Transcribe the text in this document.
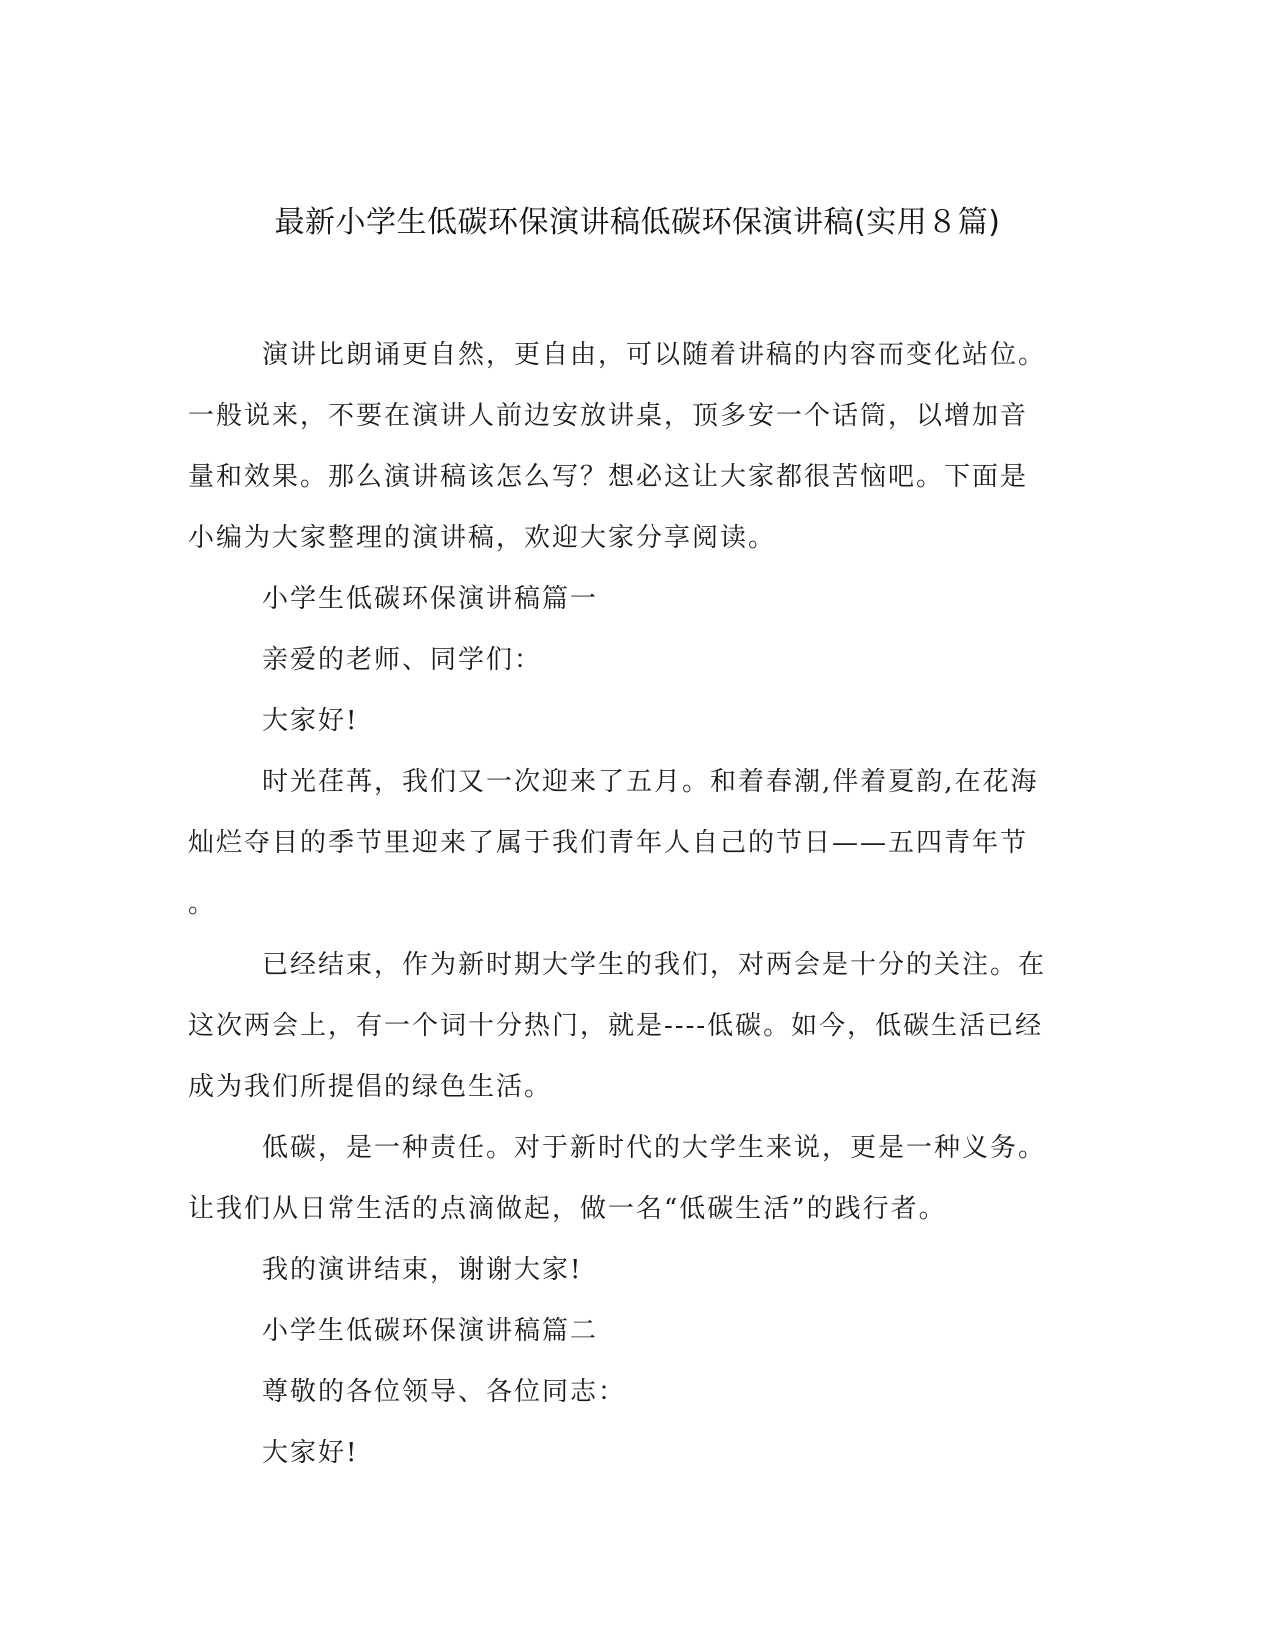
最新小学生低碳环保演讲稿低碳环保演讲稿(实用８篇)

演讲比朗诵更自然，更自由，可以随着讲稿的内容而变化站位。
一般说来，不要在演讲人前边安放讲桌，顶多安一个话筒，以增加音
量和效果。那么演讲稿该怎么写？想必这让大家都很苦恼吧。下面是
小编为大家整理的演讲稿，欢迎大家分享阅读。

小学生低碳环保演讲稿篇一

亲爱的老师、同学们：

大家好!

时光荏苒，我们又一次迎来了五月。和着春潮,伴着夏韵,在花海
灿烂夺目的季节里迎来了属于我们青年人自己的节日——五四青年节
。

已经结束，作为新时期大学生的我们，对两会是十分的关注。在
这次两会上，有一个词十分热门，就是----低碳。如今，低碳生活已经
成为我们所提倡的绿色生活。

低碳，是一种责任。对于新时代的大学生来说，更是一种义务。
让我们从日常生活的点滴做起，做一名“低碳生活”的践行者。

我的演讲结束，谢谢大家!

小学生低碳环保演讲稿篇二

尊敬的各位领导、各位同志：

大家好!
